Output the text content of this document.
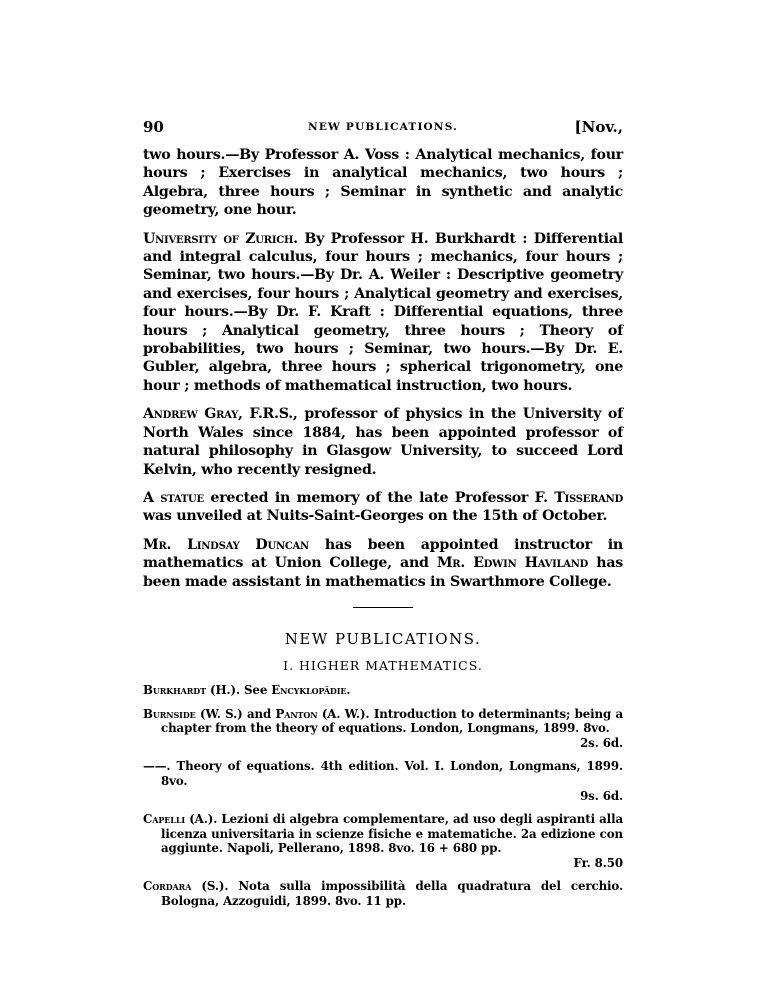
90	NEW PUBLICATIONS.	[Nov.,

two hours.—By Professor A. Voss : Analytical mechanics, four hours ; Exercises in analytical mechanics, two hours ; Algebra, three hours ; Seminar in synthetic and analytic geometry, one hour.

University of Zurich. By Professor H. Burkhardt : Differential and integral calculus, four hours ; mechanics, four hours ; Seminar, two hours.—By Dr. A. Weiler : Descriptive geometry and exercises, four hours ; Analytical geometry and exercises, four hours.—By Dr. F. Kraft : Differential equations, three hours ; Analytical geometry, three hours ; Theory of probabilities, two hours ; Seminar, two hours.—By Dr. E. Gubler, algebra, three hours ; spherical trigonometry, one hour ; methods of mathematical instruction, two hours.

Andrew Gray, F.R.S., professor of physics in the University of North Wales since 1884, has been appointed professor of natural philosophy in Glasgow University, to succeed Lord Kelvin, who recently resigned.

A statue erected in memory of the late Professor F. Tisserand was unveiled at Nuits-Saint-Georges on the 15th of October.

Mr. Lindsay Duncan has been appointed instructor in mathematics at Union College, and Mr. Edwin Haviland has been made assistant in mathematics in Swarthmore College.

NEW PUBLICATIONS.
I. HIGHER MATHEMATICS.
Burkhardt (H.). See Encyklopädie.
Burnside (W. S.) and Panton (A. W.). Introduction to determinants; being a chapter from the theory of equations. London, Longmans, 1899. 8vo.
2s. 6d.
——. Theory of equations. 4th edition. Vol. I. London, Longmans, 1899. 8vo.
9s. 6d.
Capelli (A.). Lezioni di algebra complementare, ad uso degli aspiranti alla licenza universitaria in scienze fisiche e matematiche. 2a edizione con aggiunte. Napoli, Pellerano, 1898. 8vo. 16 + 680 pp.
Fr. 8.50
Cordara (S.). Nota sulla impossibilità della quadratura del cerchio. Bologna, Azzoguidi, 1899. 8vo. 11 pp.
